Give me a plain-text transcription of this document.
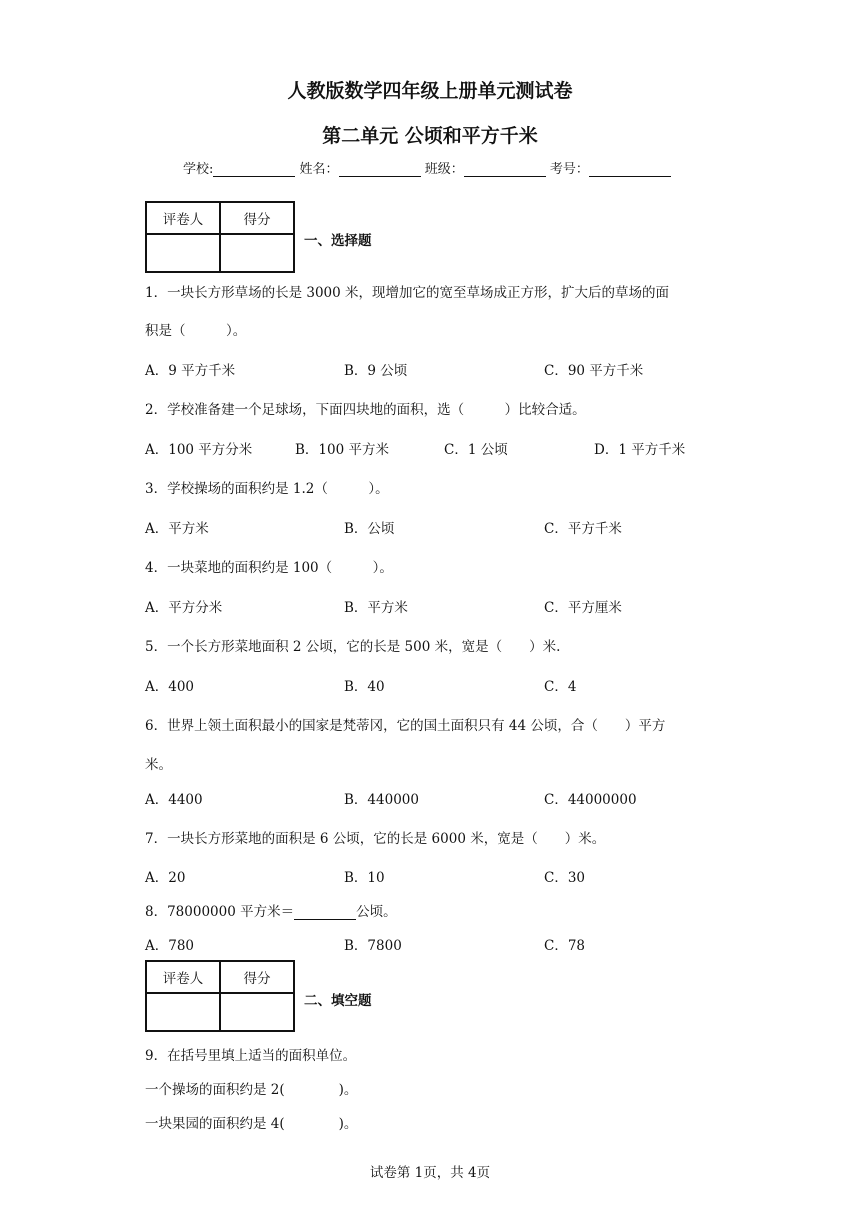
人教版数学四年级上册单元测试卷
第二单元 公顷和平方千米
学校:	姓名：	班级：	考号：
评卷人	得分

一、选择题
1．一块长方形草场的长是 3000 米，现增加它的宽至草场成正方形，扩大后的草场的面
积是（　　　）。
A．9 平方千米	B．9 公顷	C．90 平方千米
2．学校准备建一个足球场，下面四块地的面积，选（　　　）比较合适。
A．100 平方分米	B．100 平方米	C．1 公顷	D．1 平方千米
3．学校操场的面积约是 1.2（　　　）。
A．平方米	B．公顷	C．平方千米
4．一块菜地的面积约是 100（　　　）。
A．平方分米	B．平方米	C．平方厘米
5．一个长方形菜地面积 2 公顷，它的长是 500 米，宽是（　　）米.
A．400	B．40	C．4
6．世界上领土面积最小的国家是梵蒂冈，它的国土面积只有 44 公顷，合（　　）平方
米。
A．4400	B．440000	C．44000000
7．一块长方形菜地的面积是 6 公顷，它的长是 6000 米，宽是（　　）米。
A．20	B．10	C．30
8．78000000 平方米＝	公顷。
A．780	B．7800	C．78
评卷人	得分

二、填空题
9．在括号里填上适当的面积单位。
一个操场的面积约是 2(　　　　)。
一块果园的面积约是 4(　　　　)。
试卷第 1页，共 4页
